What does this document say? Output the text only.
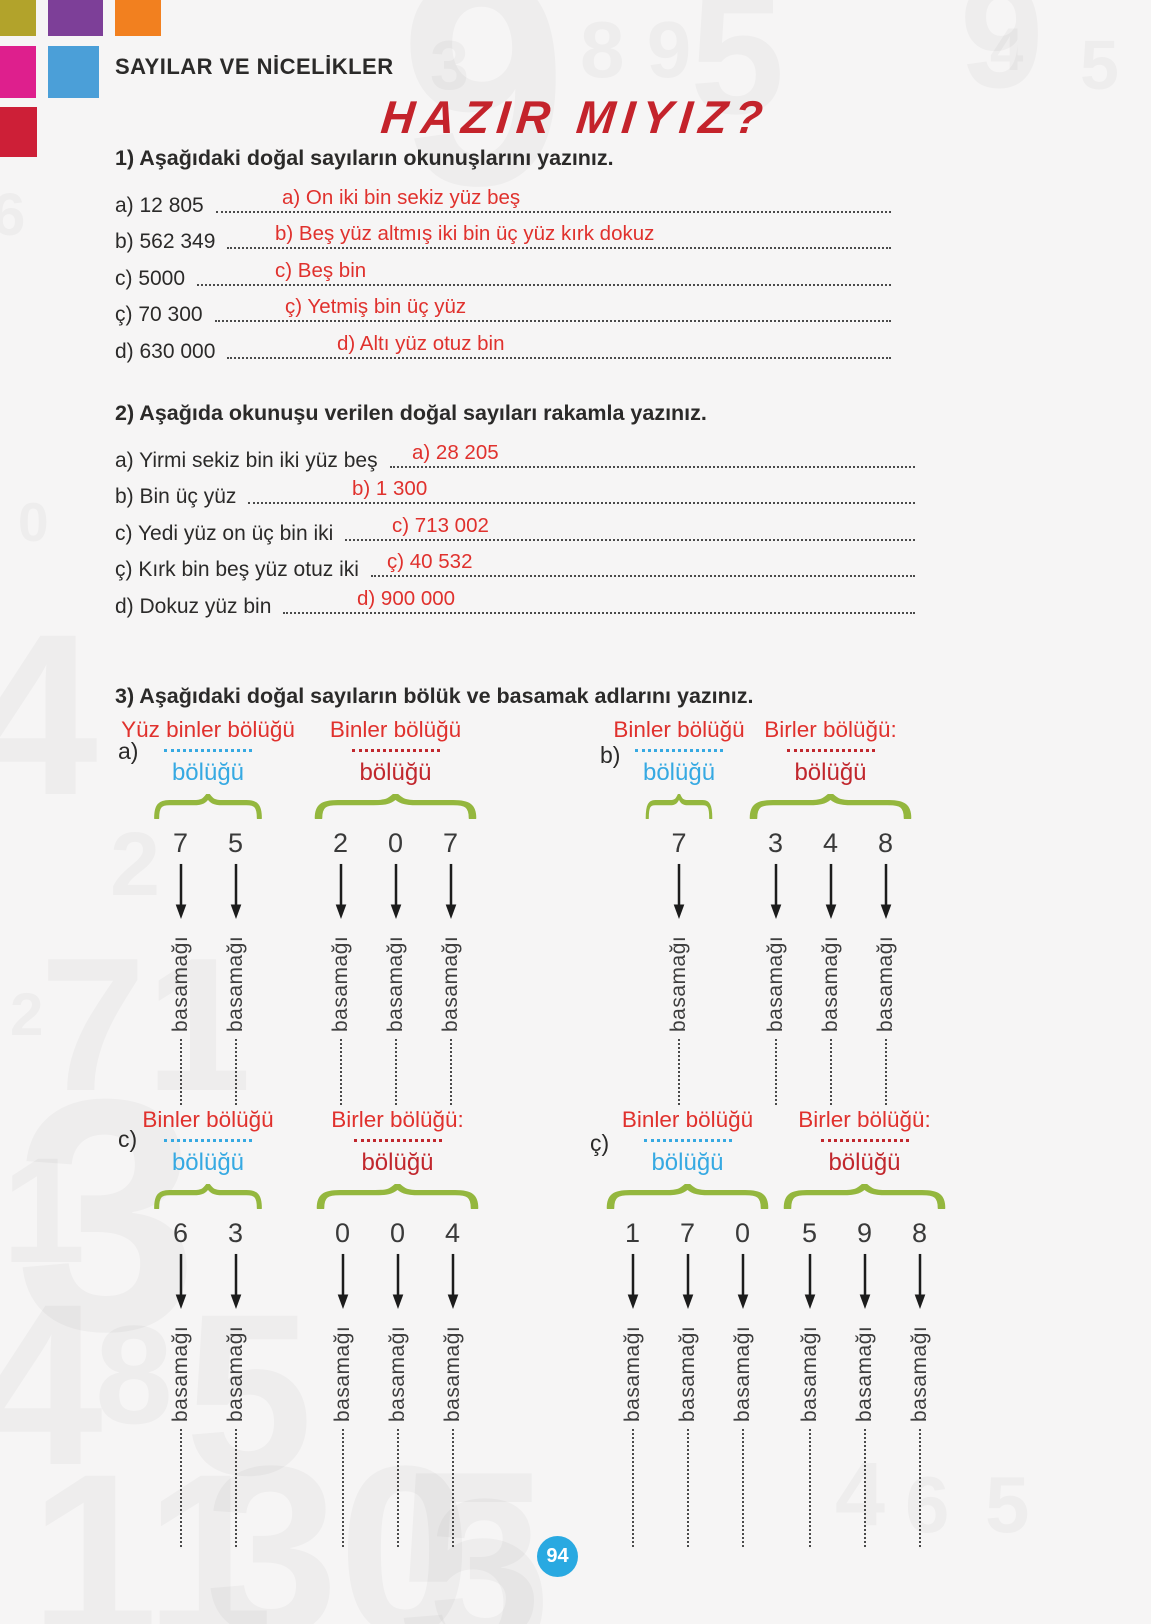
SAYILAR VE NİCELİKLER
HAZIR MIYIZ?
1) Aşağıdaki doğal sayıların okunuşlarını yazınız.
a) 12 805	a) On iki bin sekiz yüz beş
b) 562 349	b) Beş yüz altmış iki bin üç yüz kırk dokuz
c) 5000	c) Beş bin
ç) 70 300	ç) Yetmiş bin üç yüz
d) 630 000	d) Altı yüz otuz bin
2) Aşağıda okunuşu verilen doğal sayıları rakamla yazınız.
a) Yirmi sekiz bin iki yüz beş	a) 28 205
b) Bin üç yüz	b) 1 300
c) Yedi yüz on üç bin iki	c) 713 002
ç) Kırk bin beş yüz otuz iki	ç) 40 532
d) Dokuz yüz bin	d) 900 000
3) Aşağıdaki doğal sayıların bölük ve basamak adlarını yazınız.
a)
Yüz binler bölüğü
bölüğü
7
basamağı
5
basamağı
Binler bölüğü
bölüğü
2
basamağı
0
basamağı
7
basamağı
b)
Binler bölüğü
bölüğü
7
basamağı
Birler bölüğü:
bölüğü
3
basamağı
4
basamağı
8
basamağı
c)
Binler bölüğü
bölüğü
6
basamağı
3
basamağı
Birler bölüğü:
bölüğü
0
basamağı
0
basamağı
4
basamağı
ç)
Binler bölüğü
bölüğü
1
basamağı
7
basamağı
0
basamağı
Birler bölüğü:
bölüğü
5
basamağı
9
basamağı
8
basamağı
94
